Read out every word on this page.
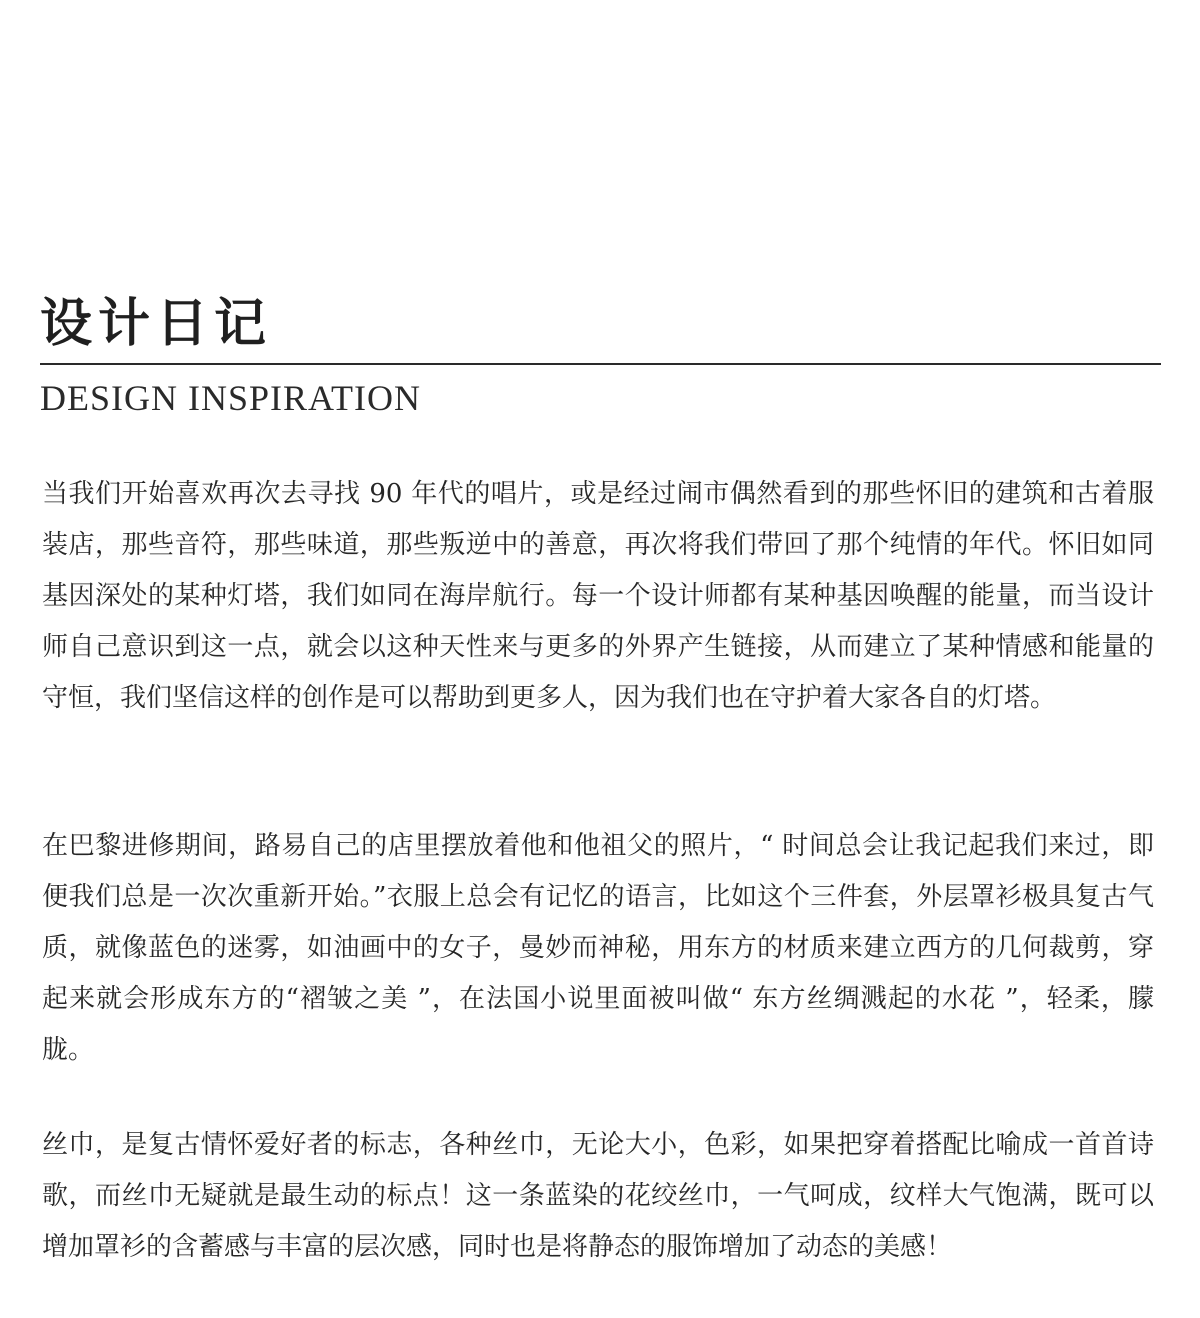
设计日记
DESIGN INSPIRATION

当我们开始喜欢再次去寻找 90 年代的唱片，或是经过闹市偶然看到的那些怀旧的建筑和古着服装店，那些音符，那些味道，那些叛逆中的善意，再次将我们带回了那个纯情的年代。怀旧如同基因深处的某种灯塔，我们如同在海岸航行。每一个设计师都有某种基因唤醒的能量，而当设计师自己意识到这一点，就会以这种天性来与更多的外界产生链接，从而建立了某种情感和能量的守恒，我们坚信这样的创作是可以帮助到更多人，因为我们也在守护着大家各自的灯塔。

在巴黎进修期间，路易自己的店里摆放着他和他祖父的照片，“ 时间总会让我记起我们来过，即便我们总是一次次重新开始。”衣服上总会有记忆的语言，比如这个三件套，外层罩衫极具复古气质，就像蓝色的迷雾，如油画中的女子，曼妙而神秘，用东方的材质来建立西方的几何裁剪，穿起来就会形成东方的“褶皱之美 ”，在法国小说里面被叫做“ 东方丝绸溅起的水花 ”，轻柔，朦胧。

丝巾，是复古情怀爱好者的标志，各种丝巾，无论大小，色彩，如果把穿着搭配比喻成一首首诗歌，而丝巾无疑就是最生动的标点！这一条蓝染的花绞丝巾，一气呵成，纹样大气饱满，既可以增加罩衫的含蓄感与丰富的层次感，同时也是将静态的服饰增加了动态的美感！
